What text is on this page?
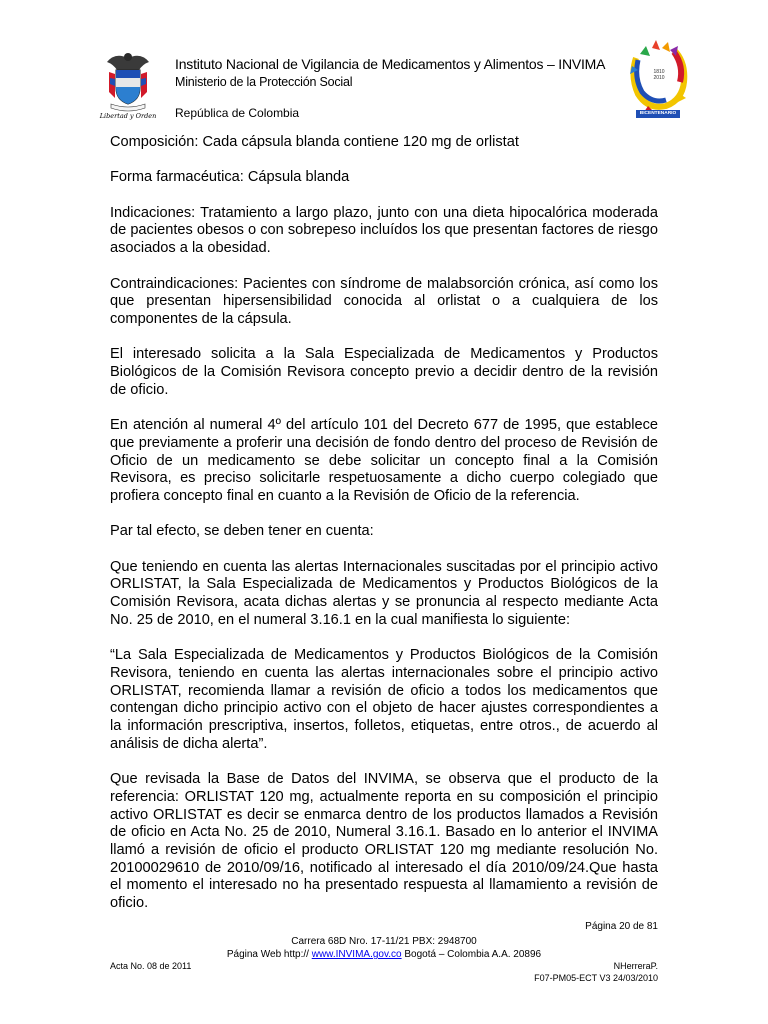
Libertad y Orden
Instituto Nacional de Vigilancia de Medicamentos y Alimentos – INVIMA
Ministerio de la Protección Social
República de Colombia
1810 2010
BICENTENARIO

Composición: Cada cápsula blanda contiene 120 mg de orlistat

Forma farmacéutica: Cápsula blanda

Indicaciones: Tratamiento a largo plazo, junto con una dieta hipocalórica moderada de pacientes obesos o con sobrepeso incluídos los que presentan factores de riesgo asociados a la obesidad.

Contraindicaciones: Pacientes con síndrome de malabsorción crónica, así como los que presentan hipersensibilidad conocida al orlistat o a cualquiera de los componentes de la cápsula.

El interesado solicita a la Sala Especializada de Medicamentos y Productos Biológicos de la Comisión Revisora concepto previo a decidir dentro de la revisión de oficio.

En atención al numeral 4º del artículo 101 del Decreto 677 de 1995, que establece que previamente a proferir una decisión de fondo dentro del proceso de Revisión de Oficio de un medicamento se debe solicitar un concepto final a la Comisión Revisora, es preciso solicitarle respetuosamente a dicho cuerpo colegiado que profiera concepto final en cuanto a la Revisión de Oficio de la referencia.

Par tal efecto, se deben tener en cuenta:

Que teniendo en cuenta las alertas Internacionales suscitadas por el principio activo ORLISTAT, la Sala Especializada de Medicamentos y Productos Biológicos de la Comisión Revisora, acata dichas alertas y se pronuncia al respecto mediante Acta No. 25 de 2010, en el numeral 3.16.1 en la cual manifiesta lo siguiente:

“La Sala Especializada de Medicamentos y Productos Biológicos de la Comisión Revisora, teniendo en cuenta las alertas internacionales sobre el principio activo ORLISTAT, recomienda llamar a revisión de oficio a todos los medicamentos que contengan dicho principio activo con el objeto de hacer ajustes correspondientes a la información prescriptiva, insertos, folletos, etiquetas, entre otros., de acuerdo al análisis de dicha alerta”.

Que revisada la Base de Datos del INVIMA, se observa que el producto de la referencia: ORLISTAT 120 mg, actualmente reporta en su composición el principio activo ORLISTAT es decir se enmarca dentro de los productos llamados a Revisión de oficio en Acta No. 25 de 2010, Numeral 3.16.1. Basado en lo anterior el INVIMA llamó a revisión de oficio el producto ORLISTAT 120 mg mediante resolución No. 20100029610 de 2010/09/16, notificado al interesado el día 2010/09/24.Que hasta el momento el interesado no ha presentado respuesta al llamamiento a revisión de oficio.

Página 20 de 81
Carrera 68D Nro. 17-11/21 PBX: 2948700
Página Web http:// www.INVIMA.gov.co Bogotá – Colombia A.A. 20896
Acta No. 08 de 2011	NHerreraP.
F07-PM05-ECT V3 24/03/2010
